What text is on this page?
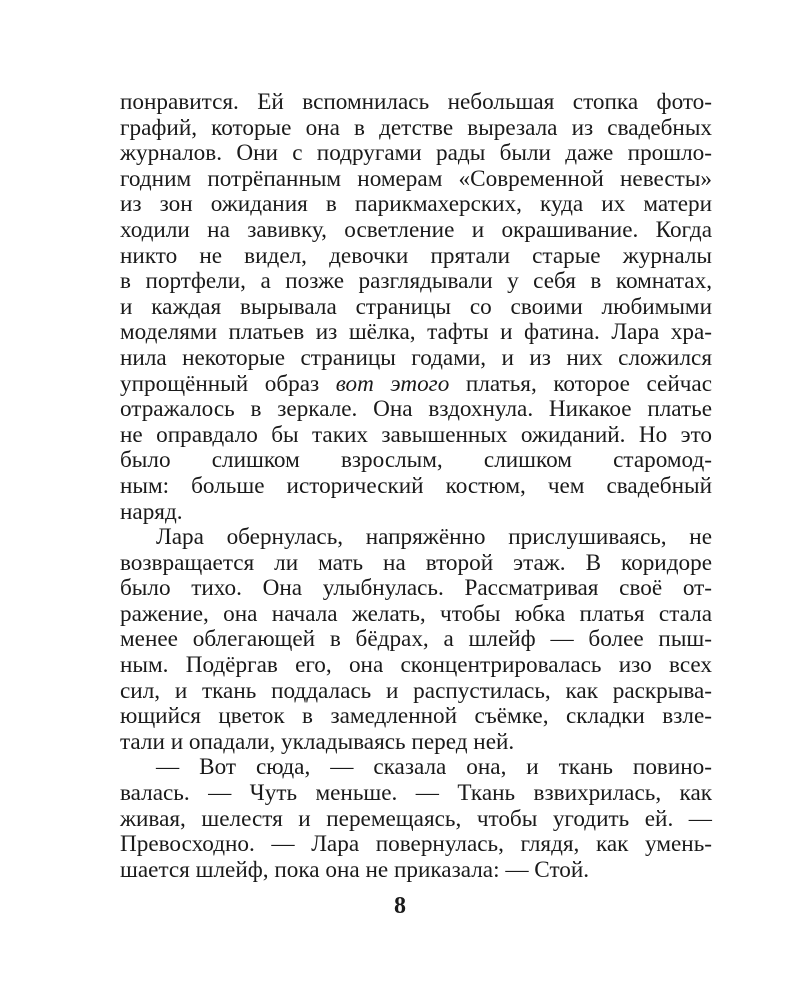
понравится. Ей вспомнилась небольшая стопка фото-
графий, которые она в детстве вырезала из свадебных
журналов. Они с подругами рады были даже прошло-
годним потрёпанным номерам «Современной невесты»
из зон ожидания в парикмахерских, куда их матери
ходили на завивку, осветление и окрашивание. Когда
никто не видел, девочки прятали старые журналы
в портфели, а позже разглядывали у себя в комнатах,
и каждая вырывала страницы со своими любимыми
моделями платьев из шёлка, тафты и фатина. Лара хра-
нила некоторые страницы годами, и из них сложился
упрощённый образ вот этого платья, которое сейчас
отражалось в зеркале. Она вздохнула. Никакое платье
не оправдало бы таких завышенных ожиданий. Но это
было слишком взрослым, слишком старомод-
ным: больше исторический костюм, чем свадебный
наряд.
Лара обернулась, напряжённо прислушиваясь, не
возвращается ли мать на второй этаж. В коридоре
было тихо. Она улыбнулась. Рассматривая своё от-
ражение, она начала желать, чтобы юбка платья стала
менее облегающей в бёдрах, а шлейф — более пыш-
ным. Подёргав его, она сконцентрировалась изо всех
сил, и ткань поддалась и распустилась, как раскрыва-
ющийся цветок в замедленной съёмке, складки взле-
тали и опадали, укладываясь перед ней.
— Вот сюда, — сказала она, и ткань повино-
валась. — Чуть меньше. — Ткань взвихрилась, как
живая, шелестя и перемещаясь, чтобы угодить ей. —
Превосходно. — Лара повернулась, глядя, как умень-
шается шлейф, пока она не приказала: — Стой.
8
